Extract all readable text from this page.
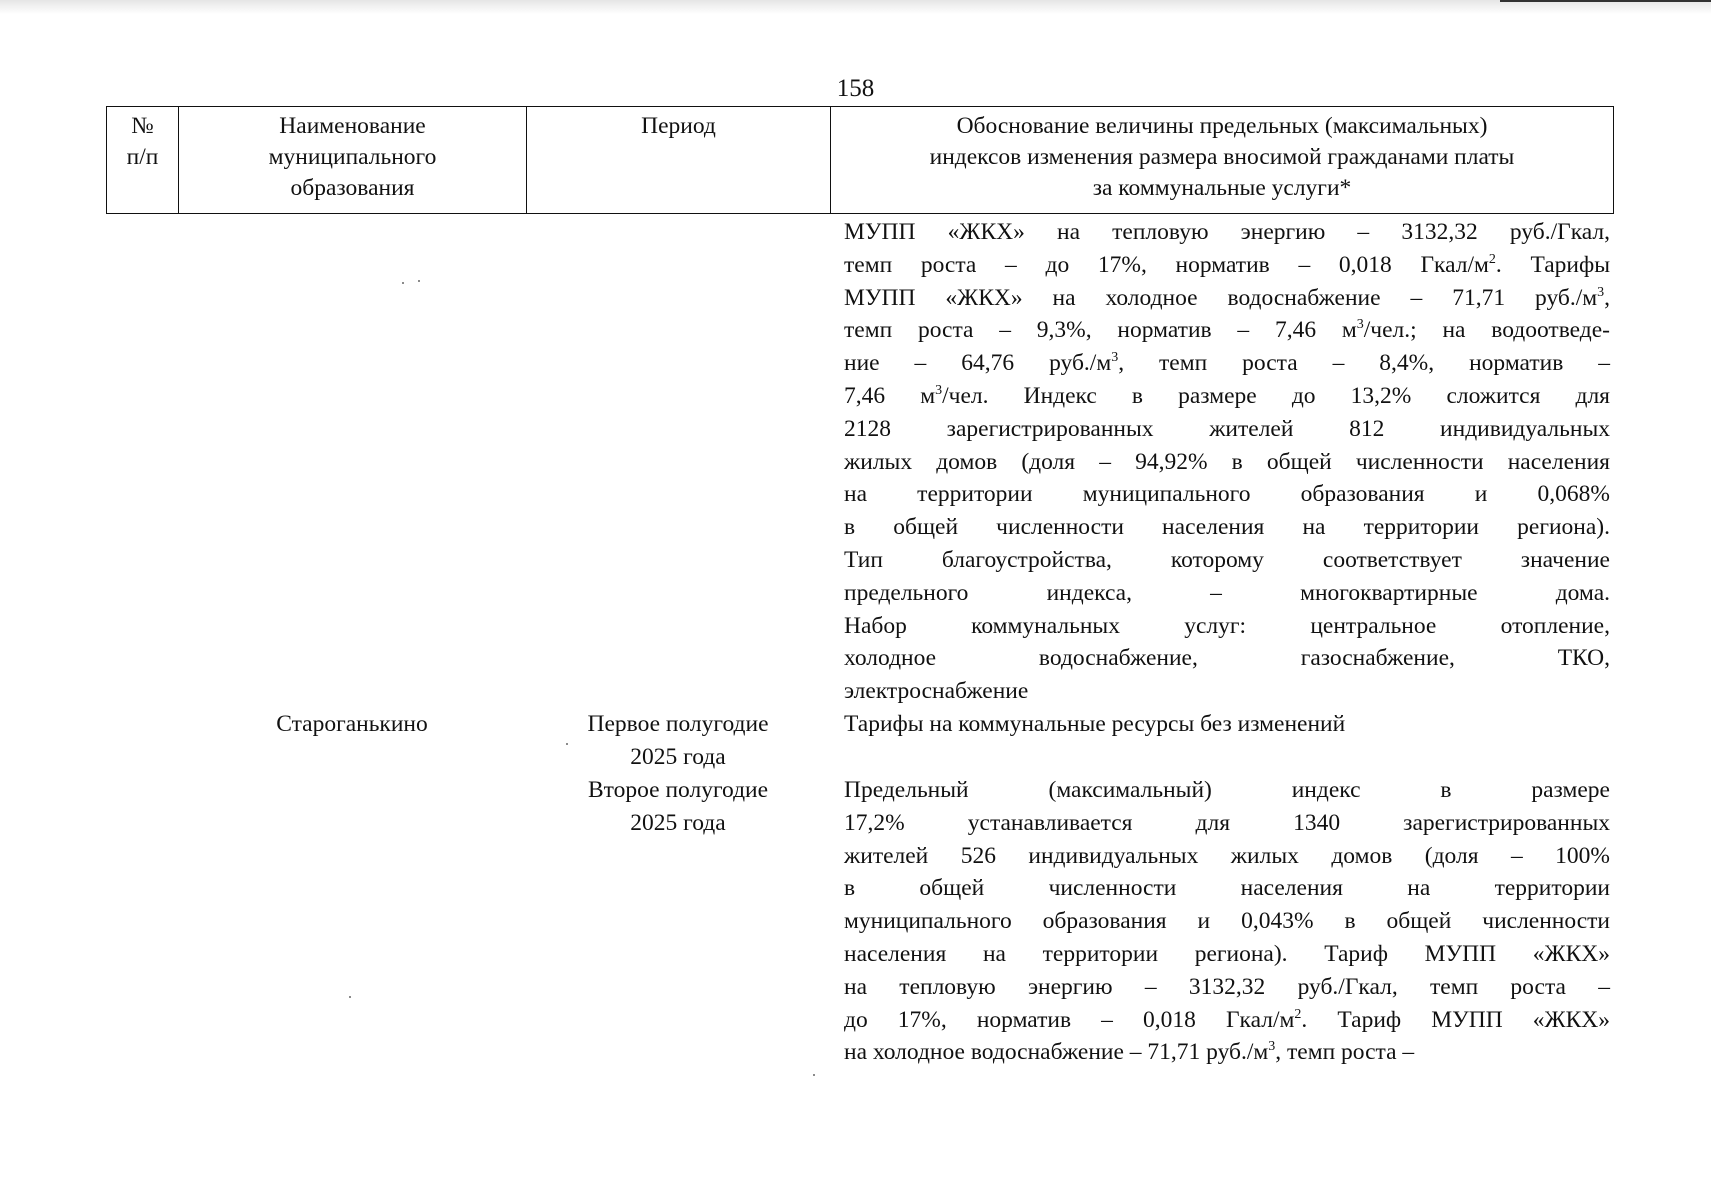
158
№
п/п
Наименование
муниципального
образования
Период	Обоснование величины предельных (максимальных)
индексов изменения размера вносимой гражданами платы
за коммунальные услуги*
МУПП «ЖКХ» на тепловую энергию – 3132,32 руб./Гкал,
темп роста – до 17%, норматив – 0,018 Гкал/$м^2$. Тарифы
МУПП «ЖКХ» на холодное водоснабжение – 71,71 $руб./м^3$,
темп роста – 9,3%, норматив – 7,46 $м^3$/чел.; на водоотведе-
ние – 64,76 $руб./м^3$, темп роста – 8,4%, норматив –
7,46 $м^3$/чел. Индекс в размере до 13,2% сложится для
2128 зарегистрированных жителей 812 индивидуальных
жилых домов (доля – 94,92% в общей численности населения
на территории муниципального образования и 0,068%
в общей численности населения на территории региона).
Тип благоустройства, которому соответствует значение
предельного индекса, – многоквартирные дома.
Набор коммунальных услуг: центральное отопление,
холодное водоснабжение, газоснабжение, ТКО,
электроснабжение
Староганькино	Первое полугодие
2025 года
Тарифы на коммунальные ресурсы без изменений
Второе полугодие
2025 года
Предельный (максимальный) индекс в размере
17,2% устанавливается для 1340 зарегистрированных
жителей 526 индивидуальных жилых домов (доля – 100%
в общей численности населения на территории
муниципального образования и 0,043% в общей численности
населения на территории региона). Тариф МУПП «ЖКХ»
на тепловую энергию – 3132,32 руб./Гкал, темп роста –
до 17%, норматив – 0,018 Гкал/$м^2$. Тариф МУПП «ЖКХ»
на холодное водоснабжение – 71,71 $руб./м^3$, темп роста –
